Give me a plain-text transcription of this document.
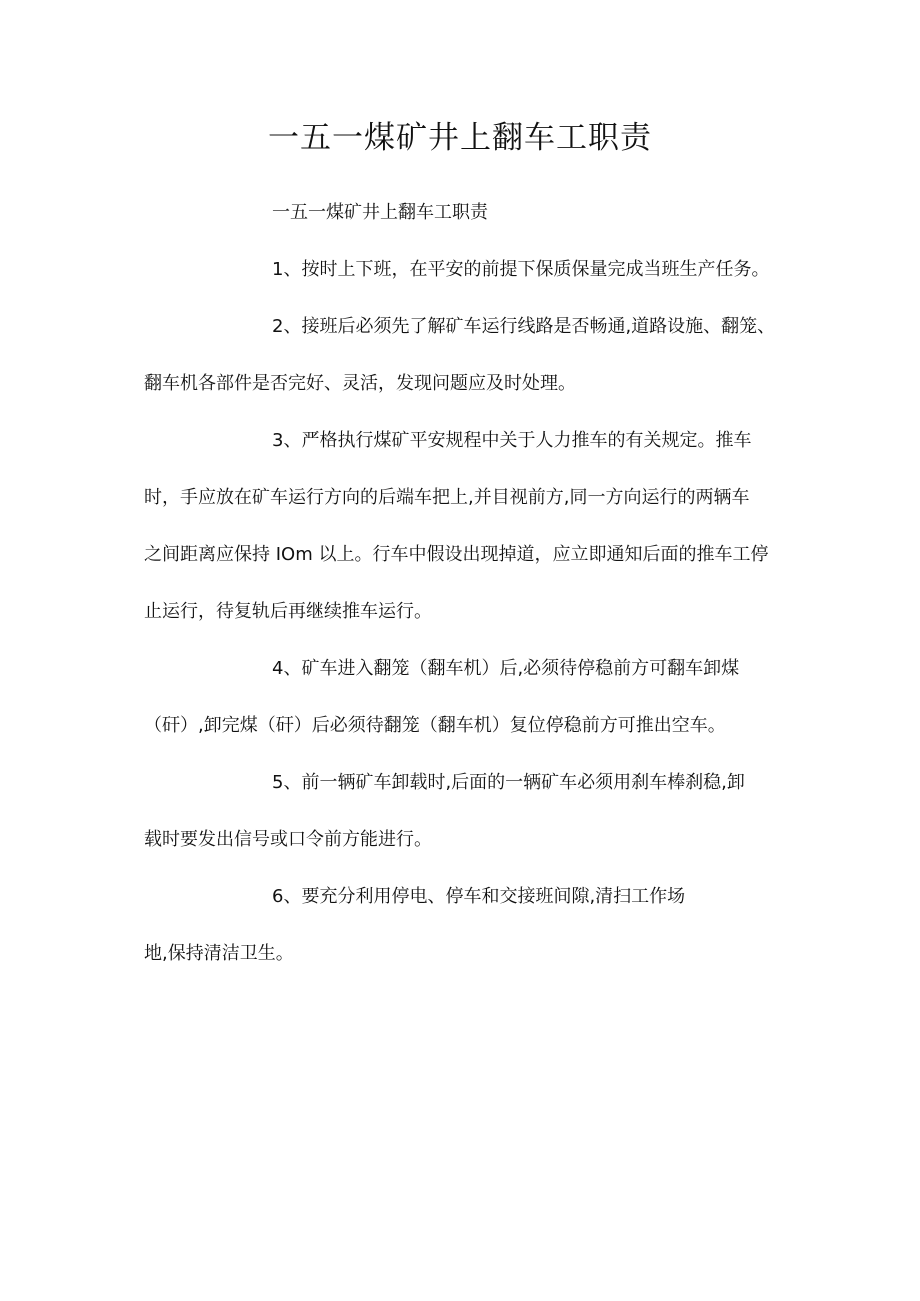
一五一煤矿井上翻车工职责

一五一煤矿井上翻车工职责

1、按时上下班，在平安的前提下保质保量完成当班生产任务。

2、接班后必须先了解矿车运行线路是否畅通,道路设施、翻笼、

翻车机各部件是否完好、灵活，发现问题应及时处理。

3、严格执行煤矿平安规程中关于人力推车的有关规定。推车

时，手应放在矿车运行方向的后端车把上,并目视前方,同一方向运行的两辆车

之间距离应保持 IOm 以上。行车中假设出现掉道，应立即通知后面的推车工停

止运行，待复轨后再继续推车运行。

4、矿车进入翻笼（翻车机）后,必须待停稳前方可翻车卸煤

（矸）,卸完煤（矸）后必须待翻笼（翻车机）复位停稳前方可推出空车。

5、前一辆矿车卸载时,后面的一辆矿车必须用刹车棒刹稳,卸

载时要发出信号或口令前方能进行。

6、要充分利用停电、停车和交接班间隙,清扫工作场

地,保持清洁卫生。
